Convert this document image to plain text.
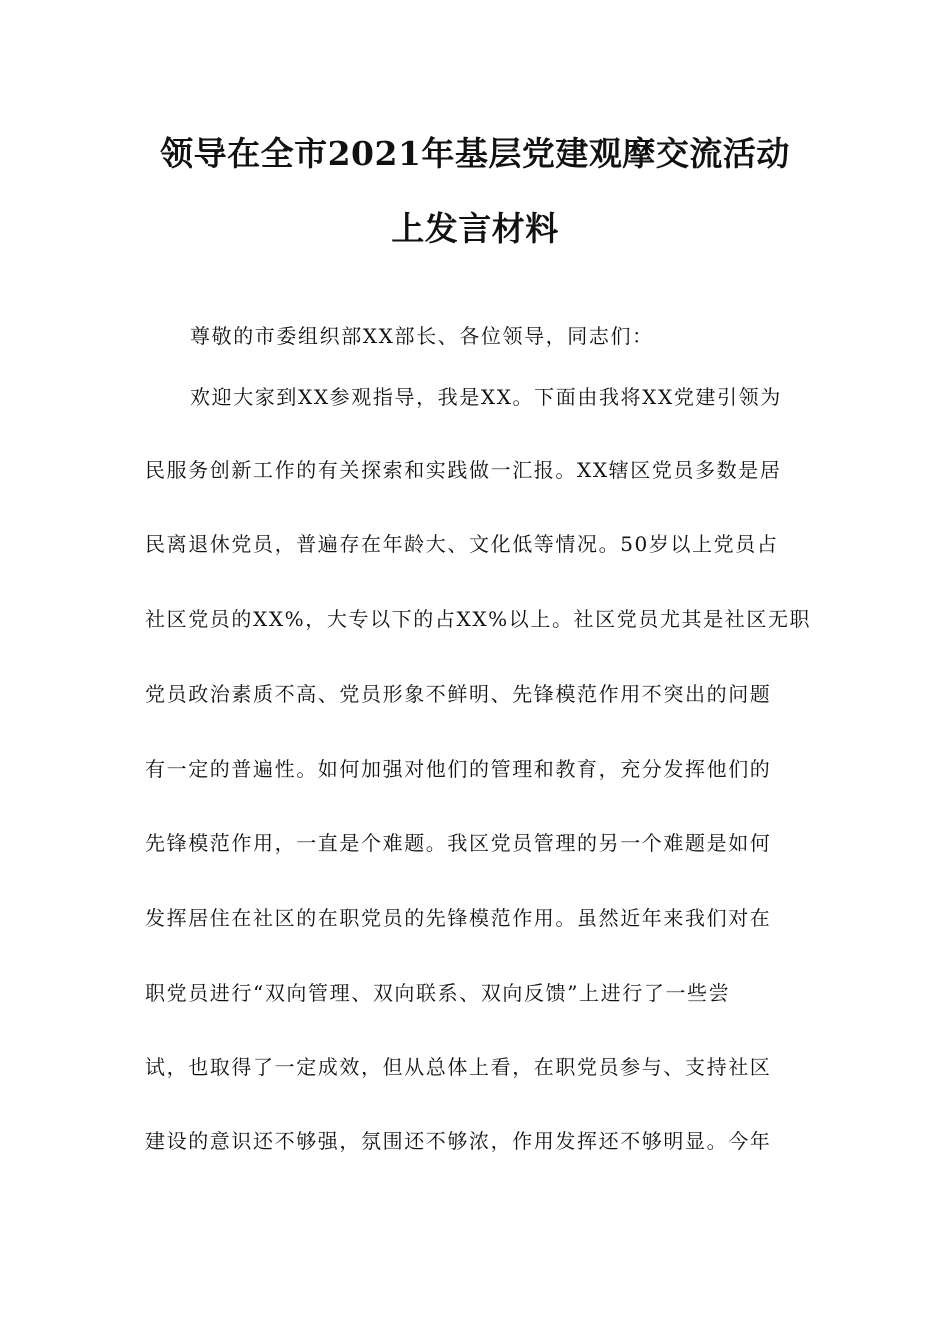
领导在全市2021年基层党建观摩交流活动
上发言材料
尊敬的市委组织部XX部长、各位领导，同志们：
欢迎大家到XX参观指导，我是XX。下面由我将XX党建引领为
民服务创新工作的有关探索和实践做一汇报。XX辖区党员多数是居
民离退休党员，普遍存在年龄大、文化低等情况。50岁以上党员占
社区党员的XX%，大专以下的占XX%以上。社区党员尤其是社区无职
党员政治素质不高、党员形象不鲜明、先锋模范作用不突出的问题
有一定的普遍性。如何加强对他们的管理和教育，充分发挥他们的
先锋模范作用，一直是个难题。我区党员管理的另一个难题是如何
发挥居住在社区的在职党员的先锋模范作用。虽然近年来我们对在
职党员进行“双向管理、双向联系、双向反馈”上进行了一些尝
试，也取得了一定成效，但从总体上看，在职党员参与、支持社区
建设的意识还不够强，氛围还不够浓，作用发挥还不够明显。今年
